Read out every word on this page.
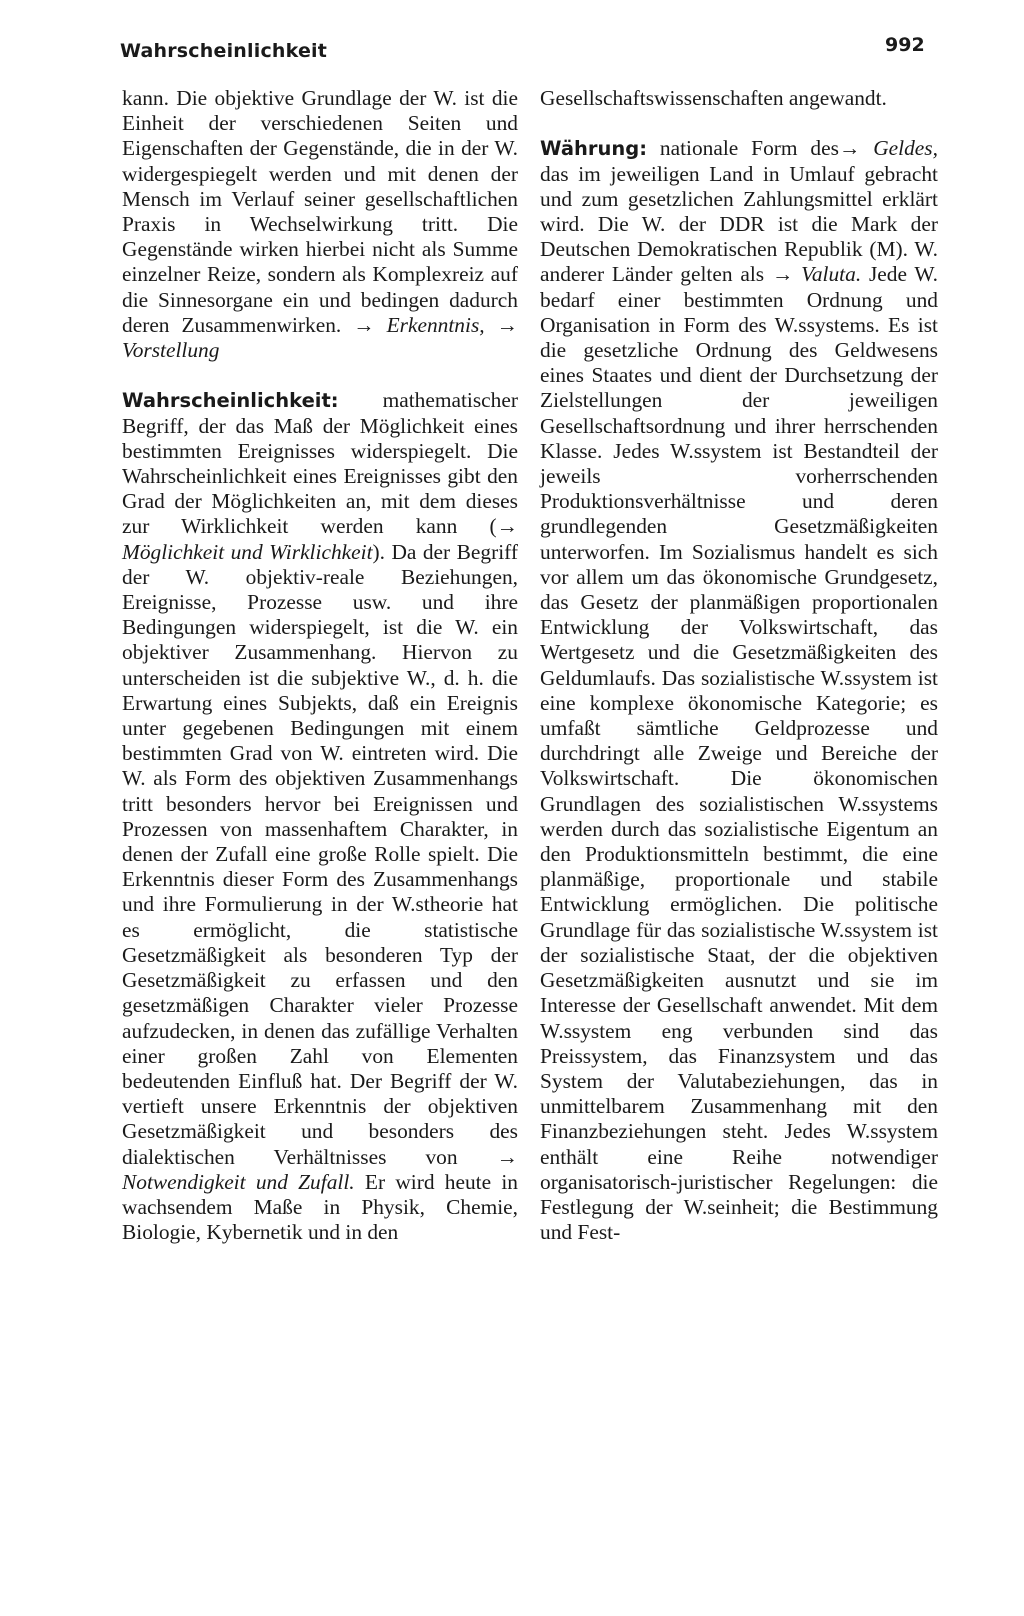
Wahrscheinlichkeit	992

kann. Die objektive Grundlage der W. ist die Einheit der verschiedenen Seiten und Eigenschaften der Gegenstände, die in der W. widergespiegelt werden und mit denen der Mensch im Verlauf seiner gesellschaftlichen Praxis in Wechselwirkung tritt. Die Gegenstände wirken hierbei nicht als Summe einzelner Reize, sondern als Komplexreiz auf die Sinnesorgane ein und bedingen dadurch deren Zusammenwirken. → Erkenntnis, → Vorstellung

Wahrscheinlichkeit: mathematischer Begriff, der das Maß der Möglichkeit eines bestimmten Ereignisses widerspiegelt. Die Wahrscheinlichkeit eines Ereignisses gibt den Grad der Möglichkeiten an, mit dem dieses zur Wirklichkeit werden kann (→ Möglichkeit und Wirklichkeit). Da der Begriff der W. objektiv-reale Beziehungen, Ereignisse, Prozesse usw. und ihre Bedingungen widerspiegelt, ist die W. ein objektiver Zusammenhang. Hiervon zu unterscheiden ist die subjektive W., d. h. die Erwartung eines Subjekts, daß ein Ereignis unter gegebenen Bedingungen mit einem bestimmten Grad von W. eintreten wird. Die W. als Form des objektiven Zusammenhangs tritt besonders hervor bei Ereignissen und Prozessen von massenhaftem Charakter, in denen der Zufall eine große Rolle spielt. Die Erkenntnis dieser Form des Zusammenhangs und ihre Formulierung in der W.stheorie hat es ermöglicht, die statistische Gesetzmäßigkeit als besonderen Typ der Gesetzmäßigkeit zu erfassen und den gesetzmäßigen Charakter vieler Prozesse aufzudecken, in denen das zufällige Verhalten einer großen Zahl von Elementen bedeutenden Einfluß hat. Der Begriff der W. vertieft unsere Erkenntnis der objektiven Gesetzmäßigkeit und besonders des dialektischen Verhältnisses von → Notwendigkeit und Zufall. Er wird heute in wachsendem Maße in Physik, Chemie, Biologie, Kybernetik und in den

Gesellschaftswissenschaften angewandt.

Währung: nationale Form des→ Geldes, das im jeweiligen Land in Umlauf gebracht und zum gesetzlichen Zahlungsmittel erklärt wird. Die W. der DDR ist die Mark der Deutschen Demokratischen Republik (M). W. anderer Länder gelten als → Valuta. Jede W. bedarf einer bestimmten Ordnung und Organisation in Form des W.ssystems. Es ist die gesetzliche Ordnung des Geldwesens eines Staates und dient der Durchsetzung der Zielstellungen der jeweiligen Gesellschaftsordnung und ihrer herrschenden Klasse. Jedes W.ssystem ist Bestandteil der jeweils vorherrschenden Produktionsverhältnisse und deren grundlegenden Gesetzmäßigkeiten unterworfen. Im Sozialismus handelt es sich vor allem um das ökonomische Grundgesetz, das Gesetz der planmäßigen proportionalen Entwicklung der Volkswirtschaft, das Wertgesetz und die Gesetzmäßigkeiten des Geldumlaufs. Das sozialistische W.ssystem ist eine komplexe ökonomische Kategorie; es umfaßt sämtliche Geldprozesse und durchdringt alle Zweige und Bereiche der Volkswirtschaft. Die ökonomischen Grundlagen des sozialistischen W.ssystems werden durch das sozialistische Eigentum an den Produktionsmitteln bestimmt, die eine planmäßige, proportionale und stabile Entwicklung ermöglichen. Die politische Grundlage für das sozialistische W.ssystem ist der sozialistische Staat, der die objektiven Gesetzmäßigkeiten ausnutzt und sie im Interesse der Gesellschaft anwendet. Mit dem W.ssystem eng verbunden sind das Preissystem, das Finanzsystem und das System der Valutabeziehungen, das in unmittelbarem Zusammenhang mit den Finanzbeziehungen steht. Jedes W.ssystem enthält eine Reihe notwendiger organisatorisch-juristischer Regelungen: die Festlegung der W.seinheit; die Bestimmung und Fest-
